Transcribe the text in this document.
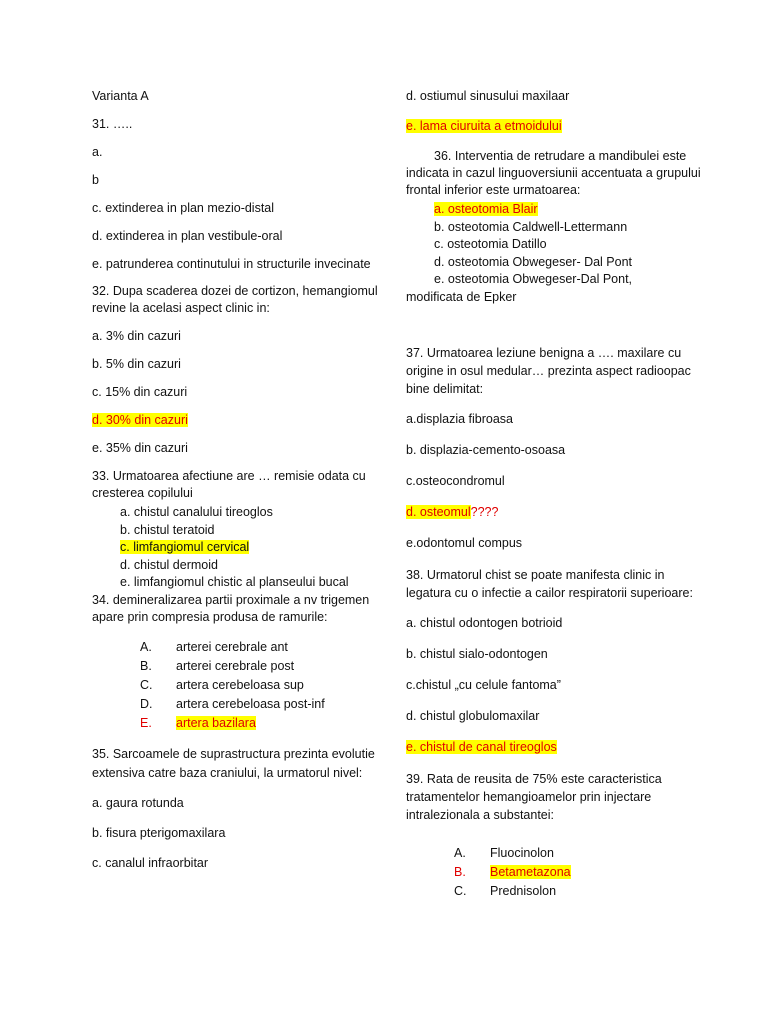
Varianta A

31. …..

a.

b

c. extinderea in plan mezio-distal

d. extinderea in plan vestibule-oral

e. patrunderea continutului in structurile invecinate

32. Dupa scaderea dozei de cortizon, hemangiomul revine la acelasi aspect clinic in:

a. 3% din cazuri

b. 5% din cazuri

c. 15% din cazuri

d. 30% din cazuri

e. 35% din cazuri

33. Urmatoarea afectiune are … remisie odata cu cresterea copilului

a. chistul canalului tireoglos

b. chistul teratoid

c. limfangiomul cervical

d. chistul dermoid

e. limfangiomul chistic al planseului bucal

34. demineralizarea partii proximale a nv trigemen apare prin compresia produsa de ramurile:

A. arterei cerebrale ant

B. arterei cerebrale post

C. artera cerebeloasa sup

D. artera cerebeloasa post-inf

E. artera bazilara

35. Sarcoamele de suprastructura prezinta evolutie extensiva catre baza craniului, la urmatorul nivel:

a. gaura rotunda

b. fisura pterigomaxilara

c. canalul infraorbitar

d. ostiumul sinusului maxilaar

e. lama ciuruita a etmoidului

36. Interventia de retrudare a mandibulei este indicata in cazul linguoversiunii accentuata a grupului frontal inferior este urmatoarea:

a. osteotomia Blair

b. osteotomia Caldwell-Lettermann

c. osteotomia Datillo

d. osteotomia Obwegeser- Dal Pont

e. osteotomia Obwegeser-Dal Pont,

modificata de Epker

37. Urmatoarea leziune benigna a …. maxilare cu origine in osul medular… prezinta aspect radioopac bine delimitat:

a.displazia fibroasa

b. displazia-cemento-osoasa

c.osteocondromul

d. osteomul????

e.odontomul compus

38. Urmatorul chist se poate manifesta clinic in legatura cu o infectie a cailor respiratorii superioare:

a. chistul odontogen botrioid

b. chistul sialo-odontogen

c.chistul „cu celule fantoma”

d. chistul globulomaxilar

e. chistul de canal tireoglos

39. Rata de reusita de 75% este caracteristica tratamentelor hemangioamelor prin injectare intralezionala a substantei:

A. Fluocinolon

B. Betametazona

C. Prednisolon
